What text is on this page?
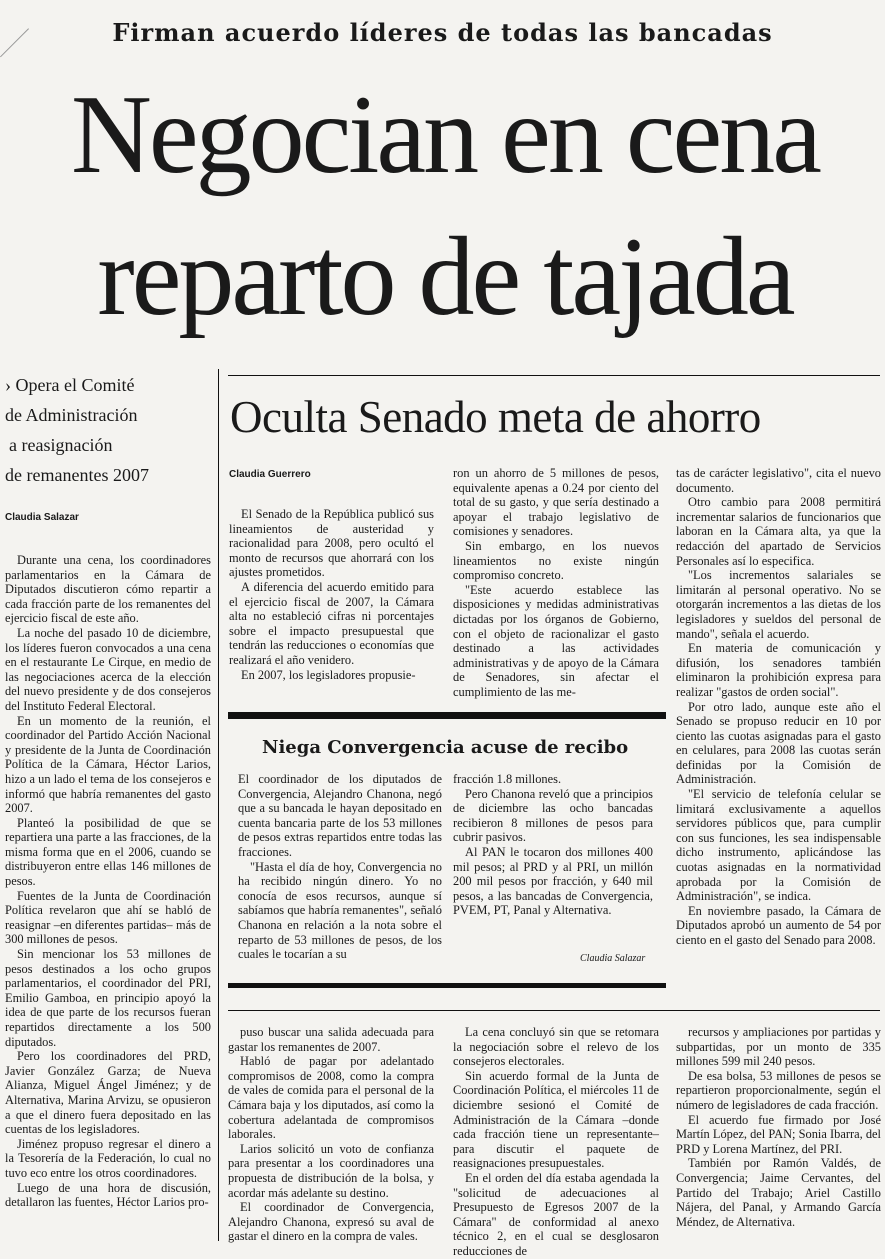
Firman acuerdo líderes de todas las bancadas
Negocian en cena
reparto de tajada
› Opera el Comité
de Administración
a reasignación
de remanentes 2007
Claudia Salazar

Durante una cena, los coordinadores parlamentarios en la Cámara de Diputados discutieron cómo repartir a cada fracción parte de los remanentes del ejercicio fiscal de este año.

La noche del pasado 10 de diciembre, los líderes fueron convocados a una cena en el restaurante Le Cirque, en medio de las negociaciones acerca de la elección del nuevo presidente y de dos consejeros del Instituto Federal Electoral.

En un momento de la reunión, el coordinador del Partido Acción Nacional y presidente de la Junta de Coordinación Política de la Cámara, Héctor Larios, hizo a un lado el tema de los consejeros e informó que habría remanentes del gasto 2007.

Planteó la posibilidad de que se repartiera una parte a las fracciones, de la misma forma que en el 2006, cuando se distribuyeron entre ellas 146 millones de pesos.

Fuentes de la Junta de Coordinación Política revelaron que ahí se habló de reasignar –en diferentes partidas– más de 300 millones de pesos.

Sin mencionar los 53 millones de pesos destinados a los ocho grupos parlamentarios, el coordinador del PRI, Emilio Gamboa, en principio apoyó la idea de que parte de los recursos fueran repartidos directamente a los 500 diputados.

Pero los coordinadores del PRD, Javier González Garza; de Nueva Alianza, Miguel Ángel Jiménez; y de Alternativa, Marina Arvizu, se opusieron a que el dinero fuera depositado en las cuentas de los legisladores.

Jiménez propuso regresar el dinero a la Tesorería de la Federación, lo cual no tuvo eco entre los otros coordinadores.

Luego de una hora de discusión, detallaron las fuentes, Héctor Larios pro-

puso buscar una salida adecuada para gastar los remanentes de 2007.

Habló de pagar por adelantado compromisos de 2008, como la compra de vales de comida para el personal de la Cámara baja y los diputados, así como la cobertura adelantada de compromisos laborales.

Larios solicitó un voto de confianza para presentar a los coordinadores una propuesta de distribución de la bolsa, y acordar más adelante su destino.

El coordinador de Convergencia, Alejandro Chanona, expresó su aval de gastar el dinero en la compra de vales.

La cena concluyó sin que se retomara la negociación sobre el relevo de los consejeros electorales.

Sin acuerdo formal de la Junta de Coordinación Política, el miércoles 11 de diciembre sesionó el Comité de Administración de la Cámara –donde cada fracción tiene un representante– para discutir el paquete de reasignaciones presupuestales.

En el orden del día estaba agendada la "solicitud de adecuaciones al Presupuesto de Egresos 2007 de la Cámara" de conformidad al anexo técnico 2, en el cual se desglosaron reducciones de

recursos y ampliaciones por partidas y subpartidas, por un monto de 335 millones 599 mil 240 pesos.

De esa bolsa, 53 millones de pesos se repartieron proporcionalmente, según el número de legisladores de cada fracción.

El acuerdo fue firmado por José Martín López, del PAN; Sonia Ibarra, del PRD y Lorena Martínez, del PRI.

También por Ramón Valdés, de Convergencia; Jaime Cervantes, del Partido del Trabajo; Ariel Castillo Nájera, del Panal, y Armando García Méndez, de Alternativa.

Oculta Senado meta de ahorro
Claudia Guerrero

El Senado de la República publicó sus lineamientos de austeridad y racionalidad para 2008, pero ocultó el monto de recursos que ahorrará con los ajustes prometidos.

A diferencia del acuerdo emitido para el ejercicio fiscal de 2007, la Cámara alta no estableció cifras ni porcentajes sobre el impacto presupuestal que tendrán las reducciones o economías que realizará el año venidero.

En 2007, los legisladores propusie-

ron un ahorro de 5 millones de pesos, equivalente apenas a 0.24 por ciento del total de su gasto, y que sería destinado a apoyar el trabajo legislativo de comisiones y senadores.

Sin embargo, en los nuevos lineamientos no existe ningún compromiso concreto.

"Este acuerdo establece las disposiciones y medidas administrativas dictadas por los órganos de Gobierno, con el objeto de racionalizar el gasto destinado a las actividades administrativas y de apoyo de la Cámara de Senadores, sin afectar el cumplimiento de las me-

tas de carácter legislativo", cita el nuevo documento.

Otro cambio para 2008 permitirá incrementar salarios de funcionarios que laboran en la Cámara alta, ya que la redacción del apartado de Servicios Personales así lo especifica.

"Los incrementos salariales se limitarán al personal operativo. No se otorgarán incrementos a las dietas de los legisladores y sueldos del personal de mando", señala el acuerdo.

En materia de comunicación y difusión, los senadores también eliminaron la prohibición expresa para realizar "gastos de orden social".

Por otro lado, aunque este año el Senado se propuso reducir en 10 por ciento las cuotas asignadas para el gasto en celulares, para 2008 las cuotas serán definidas por la Comisión de Administración.

"El servicio de telefonía celular se limitará exclusivamente a aquellos servidores públicos que, para cumplir con sus funciones, les sea indispensable dicho instrumento, aplicándose las cuotas asignadas en la normatividad aprobada por la Comisión de Administración", se indica.

En noviembre pasado, la Cámara de Diputados aprobó un aumento de 54 por ciento en el gasto del Senado para 2008.

Niega Convergencia acuse de recibo

El coordinador de los diputados de Convergencia, Alejandro Chanona, negó que a su bancada le hayan depositado en cuenta bancaria parte de los 53 millones de pesos extras repartidos entre todas las fracciones.

"Hasta el día de hoy, Convergencia no ha recibido ningún dinero. Yo no conocía de esos recursos, aunque sí sabíamos que habría remanentes", señaló Chanona en relación a la nota sobre el reparto de 53 millones de pesos, de los cuales le tocarían a su

fracción 1.8 millones.

Pero Chanona reveló que a principios de diciembre las ocho bancadas recibieron 8 millones de pesos para cubrir pasivos.

Al PAN le tocaron dos millones 400 mil pesos; al PRD y al PRI, un millón 200 mil pesos por fracción, y 640 mil pesos, a las bancadas de Convergencia, PVEM, PT, Panal y Alternativa.

Claudia Salazar
